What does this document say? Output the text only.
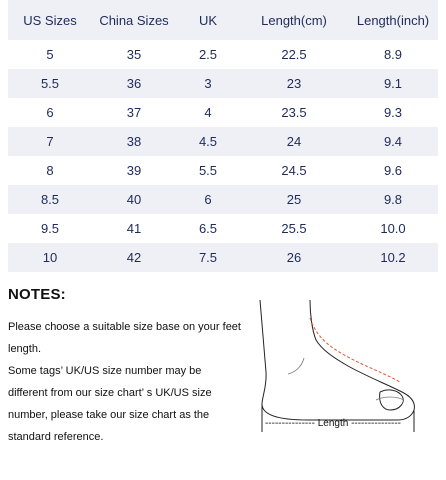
US Sizes	China Sizes	UK	Length(cm)	Length(inch)
5	35	2.5	22.5	8.9
5.5	36	3	23	9.1
6	37	4	23.5	9.3
7	38	4.5	24	9.4
8	39	5.5	24.5	9.6
8.5	40	6	25	9.8
9.5	41	6.5	25.5	10.0
10	42	7.5	26	10.2
NOTES:

Please choose a suitable size base on your feet

length.

Some tags’ UK/US size number may be

different from our size chart’ s UK/US size

number, please take our size chart as the

standard reference.

--------------- Length ---------------
